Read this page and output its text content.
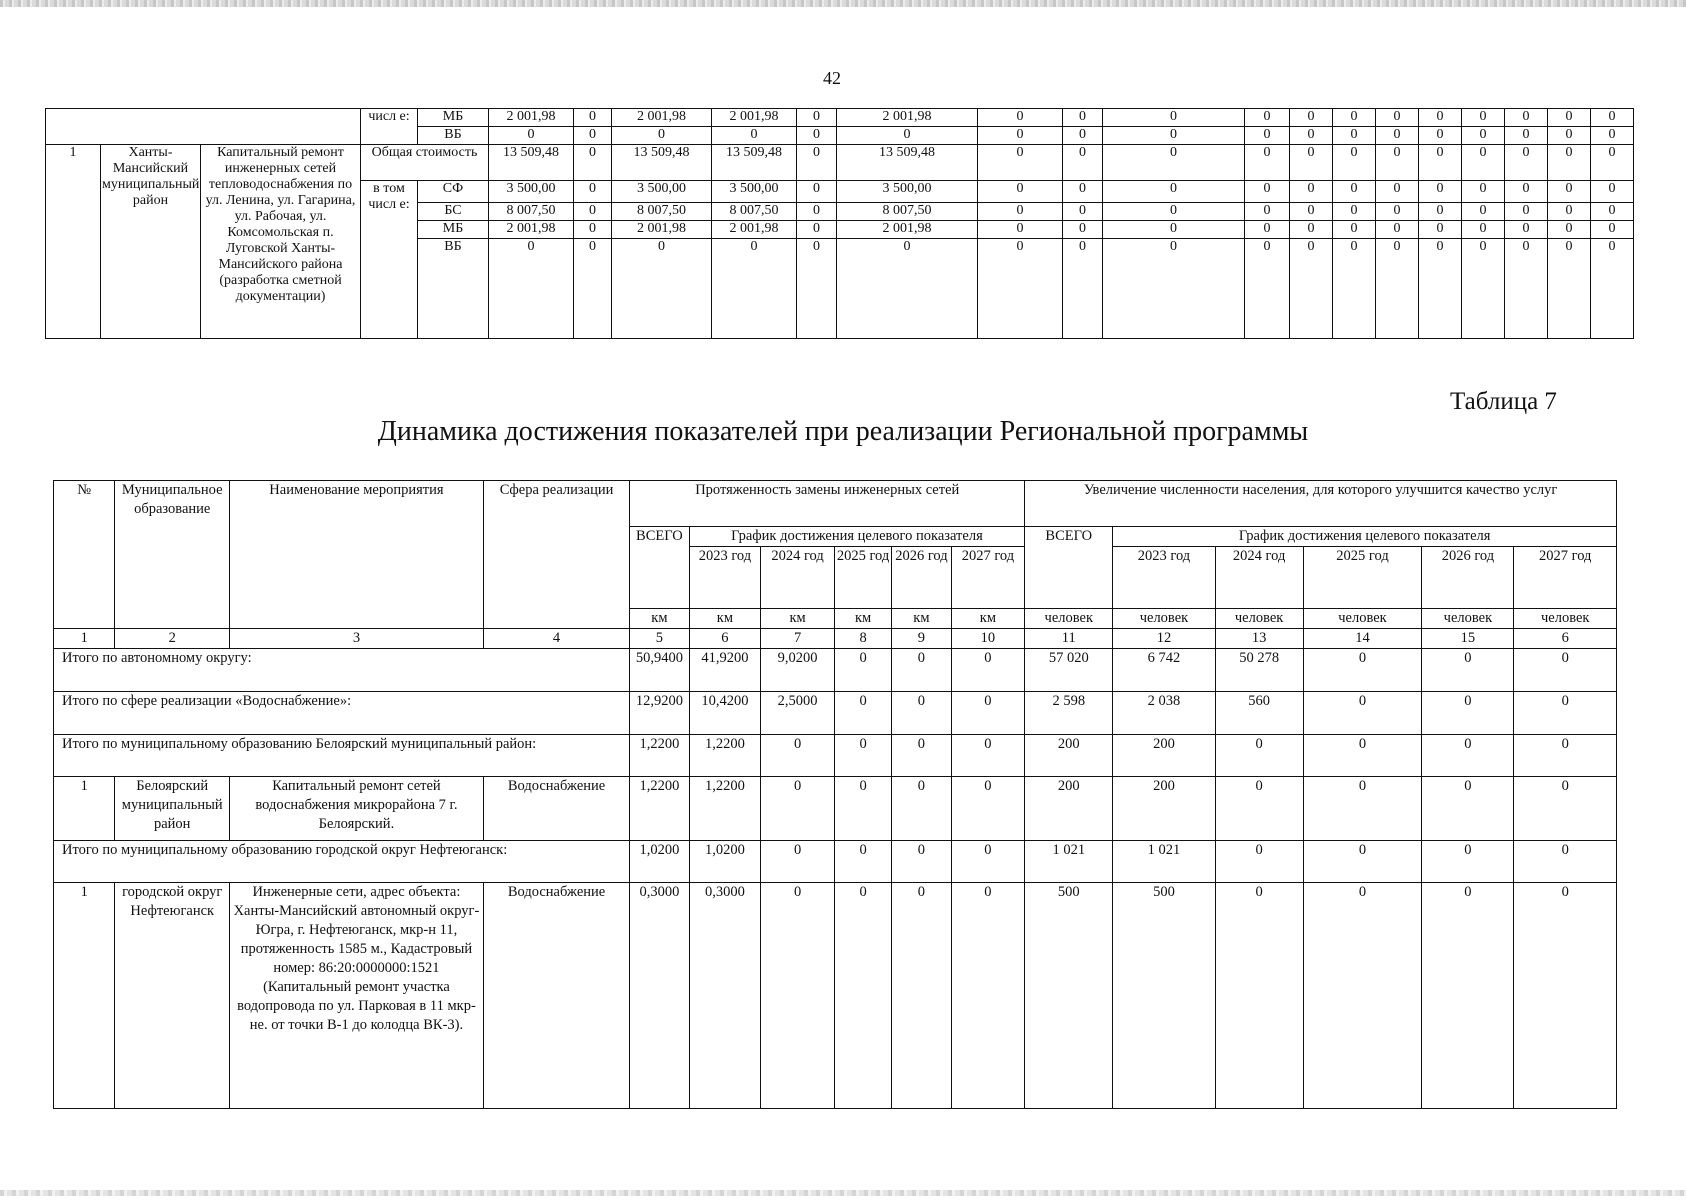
42
			числ е:	МБ	2 001,98	0	2 001,98	2 001,98	0	2 001,98	0	0	0	0	0	0	0	0	0	0	0	0
				ВБ	0	0	0	0	0	0	0	0	0	0	0	0	0	0	0	0	0	0
1	Ханты-Мансийский муниципальный район	Капитальный ремонт инженерных сетей тепловодоснабжения по ул. Ленина, ул. Гагарина, ул. Рабочая, ул. Комсомольская п. Луговской Ханты-Мансийского района (разработка сметной документации)	Общая стоимость		13 509,48	0	13 509,48	13 509,48	0	13 509,48	0	0	0	0	0	0	0	0	0	0	0	0
			в том числ е:	СФ	3 500,00	0	3 500,00	3 500,00	0	3 500,00	0	0	0	0	0	0	0	0	0	0	0	0
				БС	8 007,50	0	8 007,50	8 007,50	0	8 007,50	0	0	0	0	0	0	0	0	0	0	0	0
				МБ	2 001,98	0	2 001,98	2 001,98	0	2 001,98	0	0	0	0	0	0	0	0	0	0	0	0
				ВБ	0	0	0	0	0	0	0	0	0	0	0	0	0	0	0	0	0	0
Таблица 7
Динамика достижения показателей при реализации Региональной программы
№	Муниципальное образование	Наименование мероприятия	Сфера реализации	Протяженность замены инженерных сетей						Увеличение численности населения, для которого улучшится качество услуг					
				ВСЕГО	График достижения целевого показателя					ВСЕГО	График достижения целевого показателя				
					2023 год	2024 год	2025 год	2026 год	2027 год		2023 год	2024 год	2025 год	2026 год	2027 год
				км	км	км	км	км	км	человек	человек	человек	человек	человек	человек
1	2	3	4	5	6	7	8	9	10	11	12	13	14	15	6
Итого по автономному округу:				50,9400	41,9200	9,0200	0	0	0	57 020	6 742	50 278	0	0	0
Итого по сфере реализации «Водоснабжение»:				12,9200	10,4200	2,5000	0	0	0	2 598	2 038	560	0	0	0
Итого по муниципальному образованию Белоярский муниципальный район:				1,2200	1,2200	0	0	0	0	200	200	0	0	0	0
1	Белоярский муниципальный район	Капитальный ремонт сетей водоснабжения микрорайона 7 г. Белоярский.	Водоснабжение	1,2200	1,2200	0	0	0	0	200	200	0	0	0	0
Итого по муниципальному образованию городской округ Нефтеюганск:				1,0200	1,0200	0	0	0	0	1 021	1 021	0	0	0	0
1	городской округ Нефтеюганск	Инженерные сети, адрес объекта: Ханты-Мансийский автономный округ-Югра, г. Нефтеюганск, мкр-н 11, протяженность 1585 м., Кадастровый номер: 86:20:0000000:1521 (Капитальный ремонт участка водопровода по ул. Парковая в 11 мкр-не. от точки В-1 до колодца ВК-3).	Водоснабжение	0,3000	0,3000	0	0	0	0	500	500	0	0	0	0
